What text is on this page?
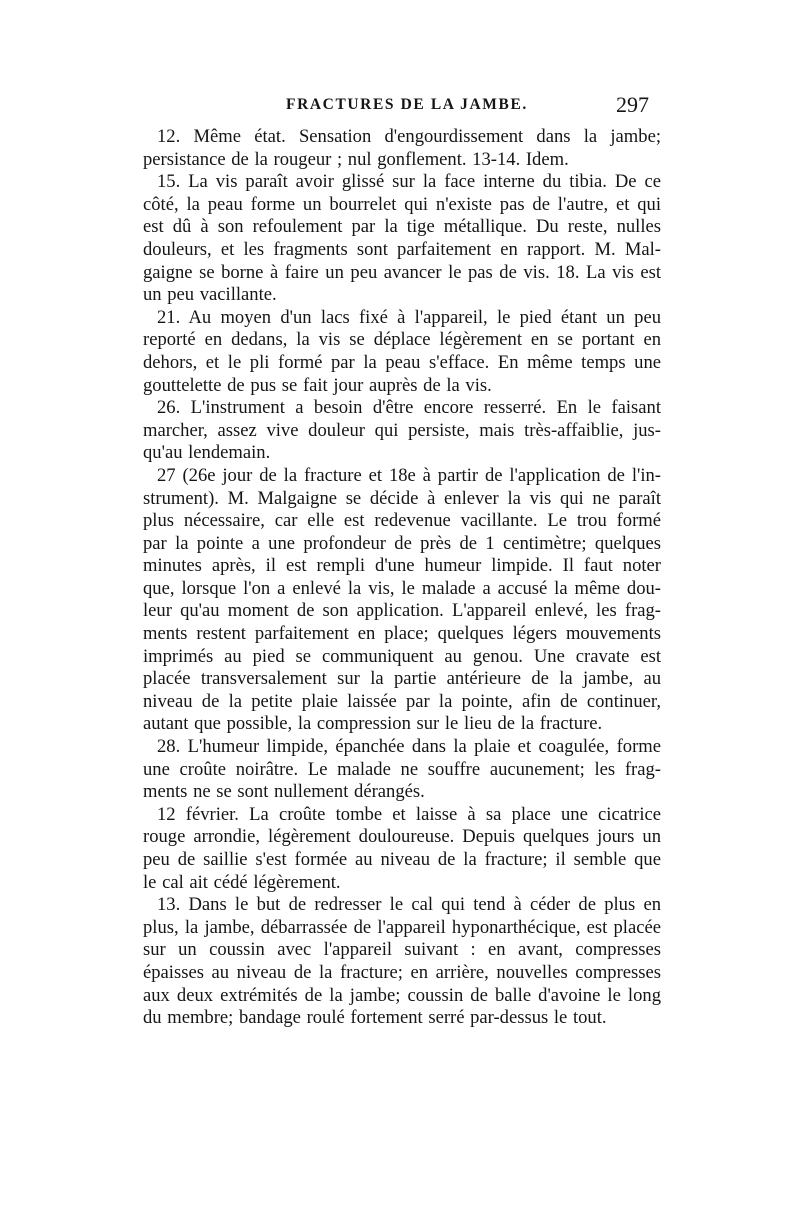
FRACTURES DE LA JAMBE.	297
12. Même état. Sensation d'engourdissement dans la jambe;
persistance de la rougeur ; nul gonflement. 13-14. Idem.
15. La vis paraît avoir glissé sur la face interne du tibia. De ce
côté, la peau forme un bourrelet qui n'existe pas de l'autre, et qui
est dû à son refoulement par la tige métallique. Du reste, nulles
douleurs, et les fragments sont parfaitement en rapport. M. Mal-
gaigne se borne à faire un peu avancer le pas de vis. 18. La vis est
un peu vacillante.
21. Au moyen d'un lacs fixé à l'appareil, le pied étant un peu
reporté en dedans, la vis se déplace légèrement en se portant en
dehors, et le pli formé par la peau s'efface. En même temps une
gouttelette de pus se fait jour auprès de la vis.
26. L'instrument a besoin d'être encore resserré. En le faisant
marcher, assez vive douleur qui persiste, mais très-affaiblie, jus-
qu'au lendemain.
27 (26e jour de la fracture et 18e à partir de l'application de l'in-
strument). M. Malgaigne se décide à enlever la vis qui ne paraît
plus nécessaire, car elle est redevenue vacillante. Le trou formé
par la pointe a une profondeur de près de 1 centimètre; quelques
minutes après, il est rempli d'une humeur limpide. Il faut noter
que, lorsque l'on a enlevé la vis, le malade a accusé la même dou-
leur qu'au moment de son application. L'appareil enlevé, les frag-
ments restent parfaitement en place; quelques légers mouvements
imprimés au pied se communiquent au genou. Une cravate est
placée transversalement sur la partie antérieure de la jambe, au
niveau de la petite plaie laissée par la pointe, afin de continuer,
autant que possible, la compression sur le lieu de la fracture.
28. L'humeur limpide, épanchée dans la plaie et coagulée, forme
une croûte noirâtre. Le malade ne souffre aucunement; les frag-
ments ne se sont nullement dérangés.
12 février. La croûte tombe et laisse à sa place une cicatrice
rouge arrondie, légèrement douloureuse. Depuis quelques jours un
peu de saillie s'est formée au niveau de la fracture; il semble que
le cal ait cédé légèrement.
13. Dans le but de redresser le cal qui tend à céder de plus en
plus, la jambe, débarrassée de l'appareil hyponarthécique, est placée
sur un coussin avec l'appareil suivant : en avant, compresses
épaisses au niveau de la fracture; en arrière, nouvelles compresses
aux deux extrémités de la jambe; coussin de balle d'avoine le long
du membre; bandage roulé fortement serré par-dessus le tout.
